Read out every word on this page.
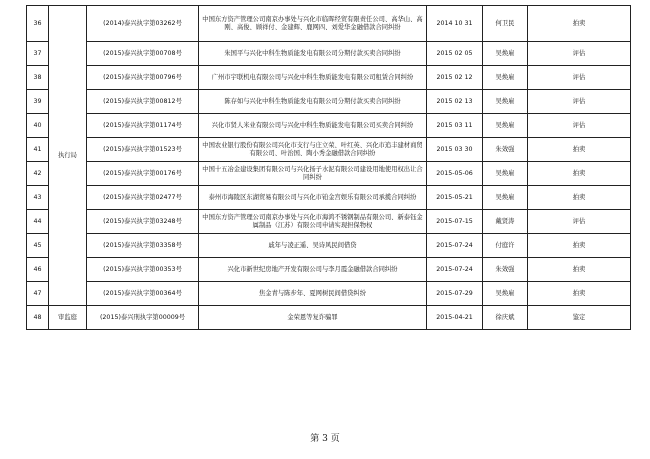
36	执行局	(2014)泰兴执字第03262号	中国东方资产管理公司南京办事处与兴化市临晖经贸有限责任公司、高华山、高刚、高俊、顾祥付、金建辉、鹿网四、刘爱华金融借款合同纠纷	2014 10 31	何卫民	拍卖
37		(2015)泰兴执字第00708号	朱国平与兴化中科生物质能发电有限公司分期付款买卖合同纠纷	2015 02 05	吴焕雇	评估
38		(2015)泰兴执字第00796号	广州市宇联机电有限公司与兴化中科生物质能发电有限公司租赁合同纠纷	2015 02 12	吴焕雇	评估
39		(2015)泰兴执字第00812号	陈存如与兴化中科生物质能发电有限公司分期付款买卖合同纠纷	2015 02 13	吴焕雇	评估
40		(2015)泰兴执字第01174号	兴化市贤人米业有限公司与兴化中科生物质能发电有限公司买卖合同纠纷	2015 03 11	吴焕雇	评估
41		(2015)泰兴执字第01523号	中国农业银行股份有限公司兴化市支行与庄立荣、叶红英、兴化市追丰建材商贸有限公司、叶治国、陶小秀金融借款合同纠纷	2015 03 30	朱效强	拍卖
42		(2015)泰兴执字第00176号	中国十五冶金建设集团有限公司与兴化扬子水泥有限公司建设用地使用权出让合同纠纷	2015-05-06	吴焕雇	拍卖
43		(2015)泰兴执字第02477号	泰州市海陵区东湖贸易有限公司与兴化市铂金宫娱乐有限公司承揽合同纠纷	2015-05-21	吴焕雇	拍卖
44		(2015)泰兴执字第03248号	中国东方资产管理公司南京办事处与兴化市海鸿不锈钢制品有限公司、新泰钰金属制品（江苏）有限公司申请实现担保物权	2015-07-15	戴贤涛	评估
45		(2015)泰兴执字第03358号	戚年与凌正遥、吴诗风民间借贷	2015-07-24	付庭许	拍卖
46		(2015)泰兴执字第00353号	兴化市新世纪房地产开发有限公司与李月霞金融借款合同纠纷	2015-07-24	朱效强	拍卖
47		(2015)泰兴执字第00364号	焦金青与陈步年、夏网树民间借贷纠纷	2015-07-29	吴焕雇	拍卖
48	审监庭	(2015)泰兴刑执字第00009号	金荣恩等复诈骗罪	2015-04-21	徐庆斌	鉴定
第 3 页
